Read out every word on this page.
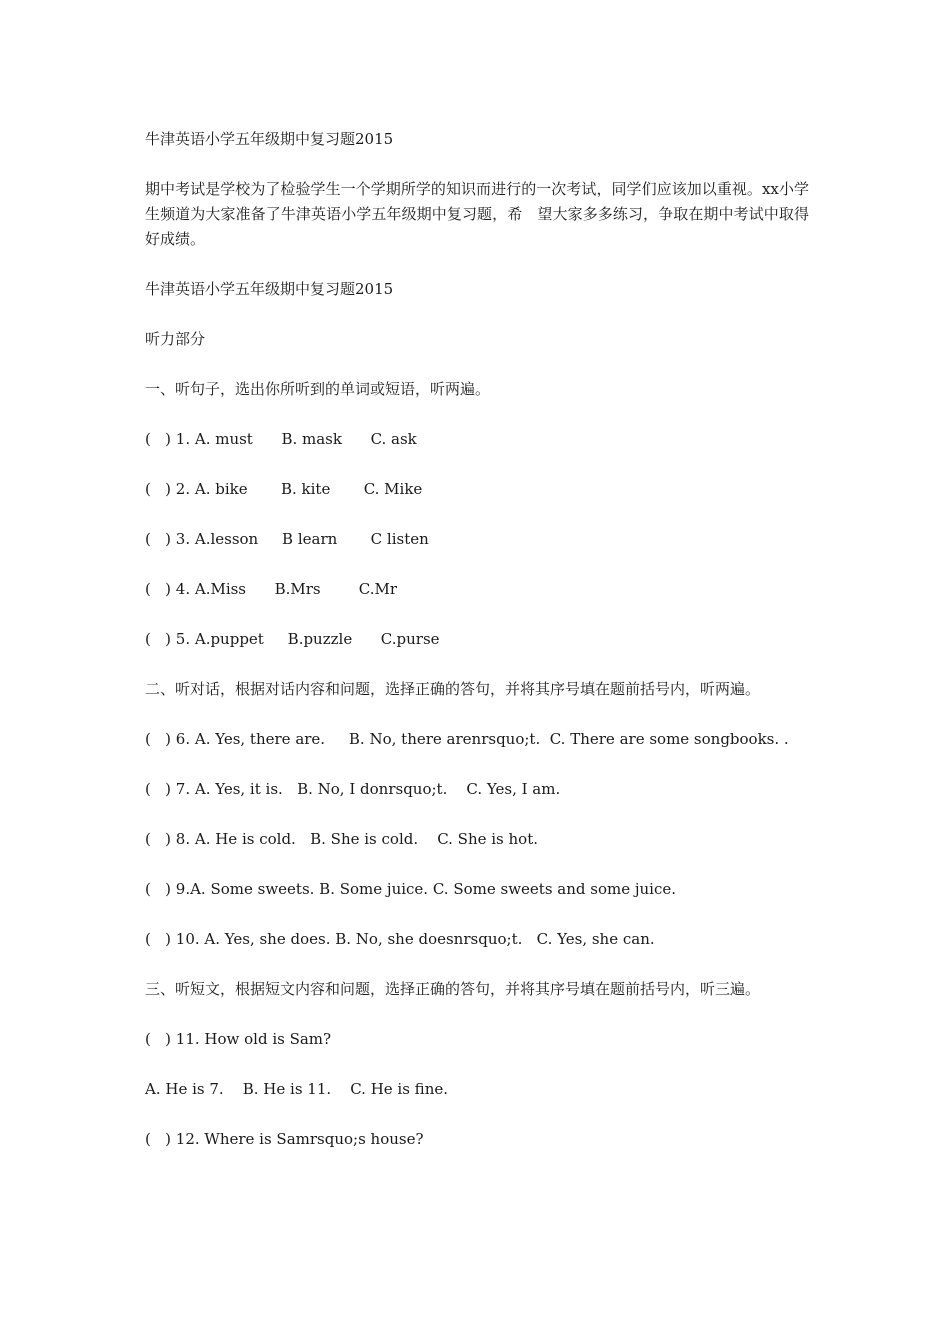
牛津英语小学五年级期中复习题2015

期中考试是学校为了检验学生一个学期所学的知识而进行的一次考试，同学们应该加以重视。xx小学生频道为大家准备了牛津英语小学五年级期中复习题，希　望大家多多练习，争取在期中考试中取得好成绩。

牛津英语小学五年级期中复习题2015

听力部分

一、听句子，选出你所听到的单词或短语，听两遍。

(   ) 1. A. must      B. mask      C. ask

(   ) 2. A. bike       B. kite       C. Mike

(   ) 3. A.lesson     B learn       C listen

(   ) 4. A.Miss      B.Mrs        C.Mr

(   ) 5. A.puppet     B.puzzle      C.purse

二、听对话，根据对话内容和问题，选择正确的答句，并将其序号填在题前括号内，听两遍。

(   ) 6. A. Yes, there are.     B. No, there arenrsquo;t.  C. There are some songbooks. .

(   ) 7. A. Yes, it is.   B. No, I donrsquo;t.    C. Yes, I am.

(   ) 8. A. He is cold.   B. She is cold.    C. She is hot.

(   ) 9.A. Some sweets. B. Some juice. C. Some sweets and some juice.

(   ) 10. A. Yes, she does. B. No, she doesnrsquo;t.   C. Yes, she can.

三、听短文，根据短文内容和问题，选择正确的答句，并将其序号填在题前括号内，听三遍。

(   ) 11. How old is Sam?

A. He is 7.    B. He is 11.    C. He is fine.

(   ) 12. Where is Samrsquo;s house?
